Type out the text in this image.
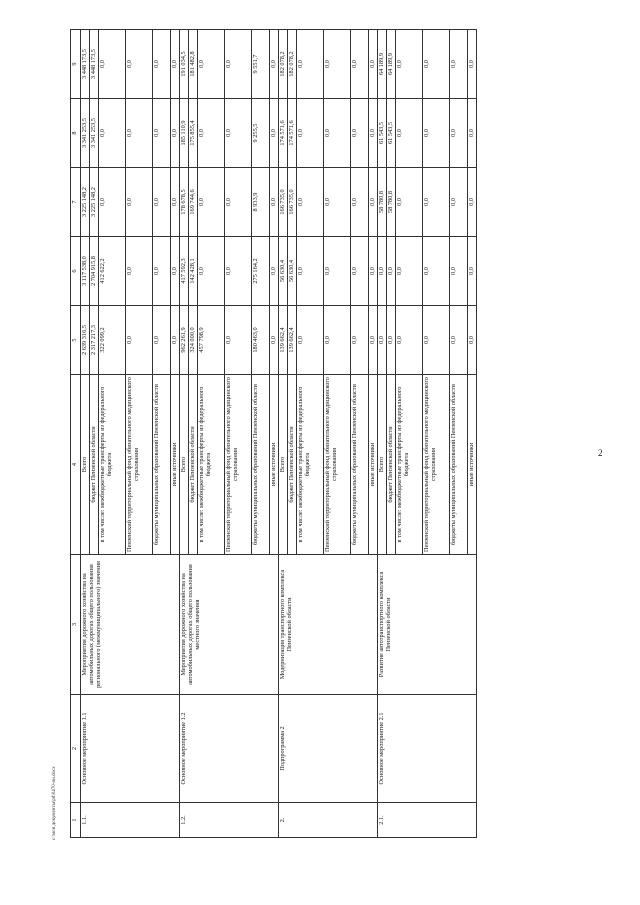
2
c:\мои документы\pd\0470-ии.docx 1	2	3	4	5	6	7	8	9
1.1.	Основное мероприятие 1.1	Мероприятия дорожного хозяйства на автомобильных дорогах общего пользования регионального (межмуниципального) значения	Всего	2 639 316,5	3 117 538,0	3 225 148,2	3 341 253,5	3 448 173,5
			бюджет Пензенской области	2 317 217,3	2 704 915,8	3 225 148,2	3 341 253,5	3 448 173,5
			в том числе: межбюджетные трансферты из федерального бюджета	322 099,2	412 622,2	0,0	0,0	0,0
			Пензенский территориальный фонд обязательного медицинского страхования	0,0	0,0	0,0	0,0	0,0
			бюджеты муниципальных образований Пензенской области	0,0	0,0	0,0	0,0	0,0
			иные источники	0,0	0,0	0,0	0,0	0,0
1.2.	Основное мероприятие 1.2	Мероприятия дорожного хозяйства на автомобильных дорогах общего пользования местного значения	Всего	962 261,9	417 592,3	178 678,5	185 110,9	191 034,5
			бюджет Пензенской области	324 000,0	142 428,1	169 744,6	175 855,4	181 482,8
			в том числе: межбюджетные трансферты из федерального бюджета	457 798,9	0,0	0,0	0,0	0,0
			Пензенский территориальный фонд обязательного медицинского страхования	0,0	0,0	0,0	0,0	0,0
			бюджеты муниципальных образований Пензенской области	180 463,0	275 164,2	8 933,9	9 255,5	9 551,7
			иные источники	0,0	0,0	0,0	0,0	0,0
2.	Подпрограмма 2	Модернизация транспортного комплекса Пензенской области	Всего	139 662,4	56 630,4	166 735,0	174 571,6	182 078,2
			бюджет Пензенской области	139 662,4	56 630,4	166 735,0	174 571,6	182 078,2
			в том числе: межбюджетные трансферты из федерального бюджета	0,0	0,0	0,0	0,0	0,0
			Пензенский территориальный фонд обязательного медицинского страхования	0,0	0,0	0,0	0,0	0,0
			бюджеты муниципальных образований Пензенской области	0,0	0,0	0,0	0,0	0,0
			иные источники	0,0	0,0	0,0	0,0	0,0
2.1.	Основное мероприятие 2.1	Развитие автотранспортного комплекса Пензенской области	Всего	0,0	0,0	58 780,8	61 543,5	64 189,9
			бюджет Пензенской области	0,0	0,0	58 780,8	61 543,5	64 189,9
			в том числе: межбюджетные трансферты из федерального бюджета	0,0	0,0	0,0	0,0	0,0
			Пензенский территориальный фонд обязательного медицинского страхования	0,0	0,0	0,0	0,0	0,0
			бюджеты муниципальных образований Пензенской области	0,0	0,0	0,0	0,0	0,0
			иные источники	0,0	0,0	0,0	0,0	0,0
